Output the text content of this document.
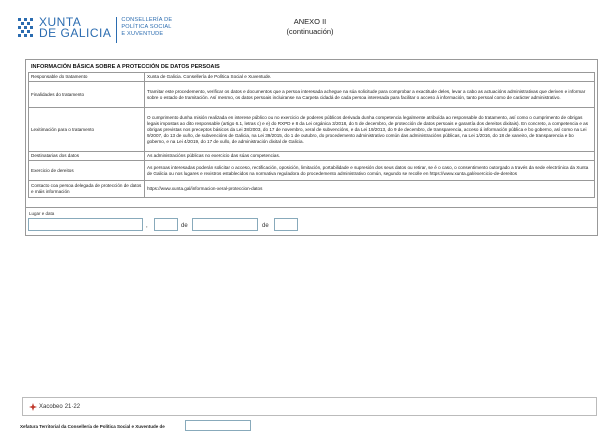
XUNTA
DE GALICIA
CONSELLERÍA DE
POLÍTICA SOCIAL
E XUVENTUDE
ANEXO II
(continuación)
INFORMACIÓN BÁSICA SOBRE A PROTECCIÓN DE DATOS PERSOAIS
Responsable do tratamento	Xunta de Galicia. Consellería de Política Social e Xuventude.
Finalidades do tratamento	Tramitar este procedemento, verificar os datos e documentos que a persoa interesada achegue na súa solicitude para comprobar a exactitude deles, levar a cabo as actuacións administrativas que deriven e informar sobre o estado de tramitación. Así mesmo, os datos persoais incluiranse na Carpeta cidadá de cada persoa interesada para facilitar o acceso á información, tanto persoal como de carácter administrativo.
Lexitimación para o tratamento	O cumprimento dunha misión realizada en interese público ou no exercicio de poderes públicos derivada dunha competencia legalmente atribuída ao responsable do tratamento, así como o cumprimento de obrigas legais impostas ao dito responsable (artigo 6.1, letras c) e e) do RXPD e 8 da Lei orgánica 3/2018, do 5 de decembro, de protección de datos persoais e garantía dos dereitos dixitais). En concreto, a competencia e as obrigas previstas nos preceptos básicos da Lei 38/2003, do 17 de novembro, xeral de subvencións, e da Lei 19/2013, do 9 de decembro, de transparencia, acceso á información pública e bo goberno, así como na Lei 9/2007, do 13 de xuño, de subvencións de Galicia, na Lei 39/2015, do 1 de outubro, do procedemento administrativo común das administracións públicas, na Lei 1/2016, do 18 de xaneiro, de transparencia e bo goberno, e na Lei 4/2019, do 17 de xullo, de administración dixital de Galicia.
Destinatarias dos datos	As administracións públicas no exercicio das súas competencias.
Exercicio de dereitos	As persoas interesadas poderán solicitar o acceso, rectificación, oposición, limitación, portabilidade e supresión dos seus datos ou retirar, se é o caso, o consentimento outorgado a través da sede electrónica da Xunta de Galicia ou nos lugares e rexistros establecidos na normativa reguladora do procedemento administrativo común, segundo se recolle en https://www.xunta.gal/exercicio-de-dereitos
Contacto coa persoa delegada de protección de datos e máis información	https://www.xunta.gal/informacion-xeral-proteccion-datos
Lugar e data
,	de	de
Xacobeo 21·22
Xefatura Territorial da Consellería de Política Social e Xuventude de
